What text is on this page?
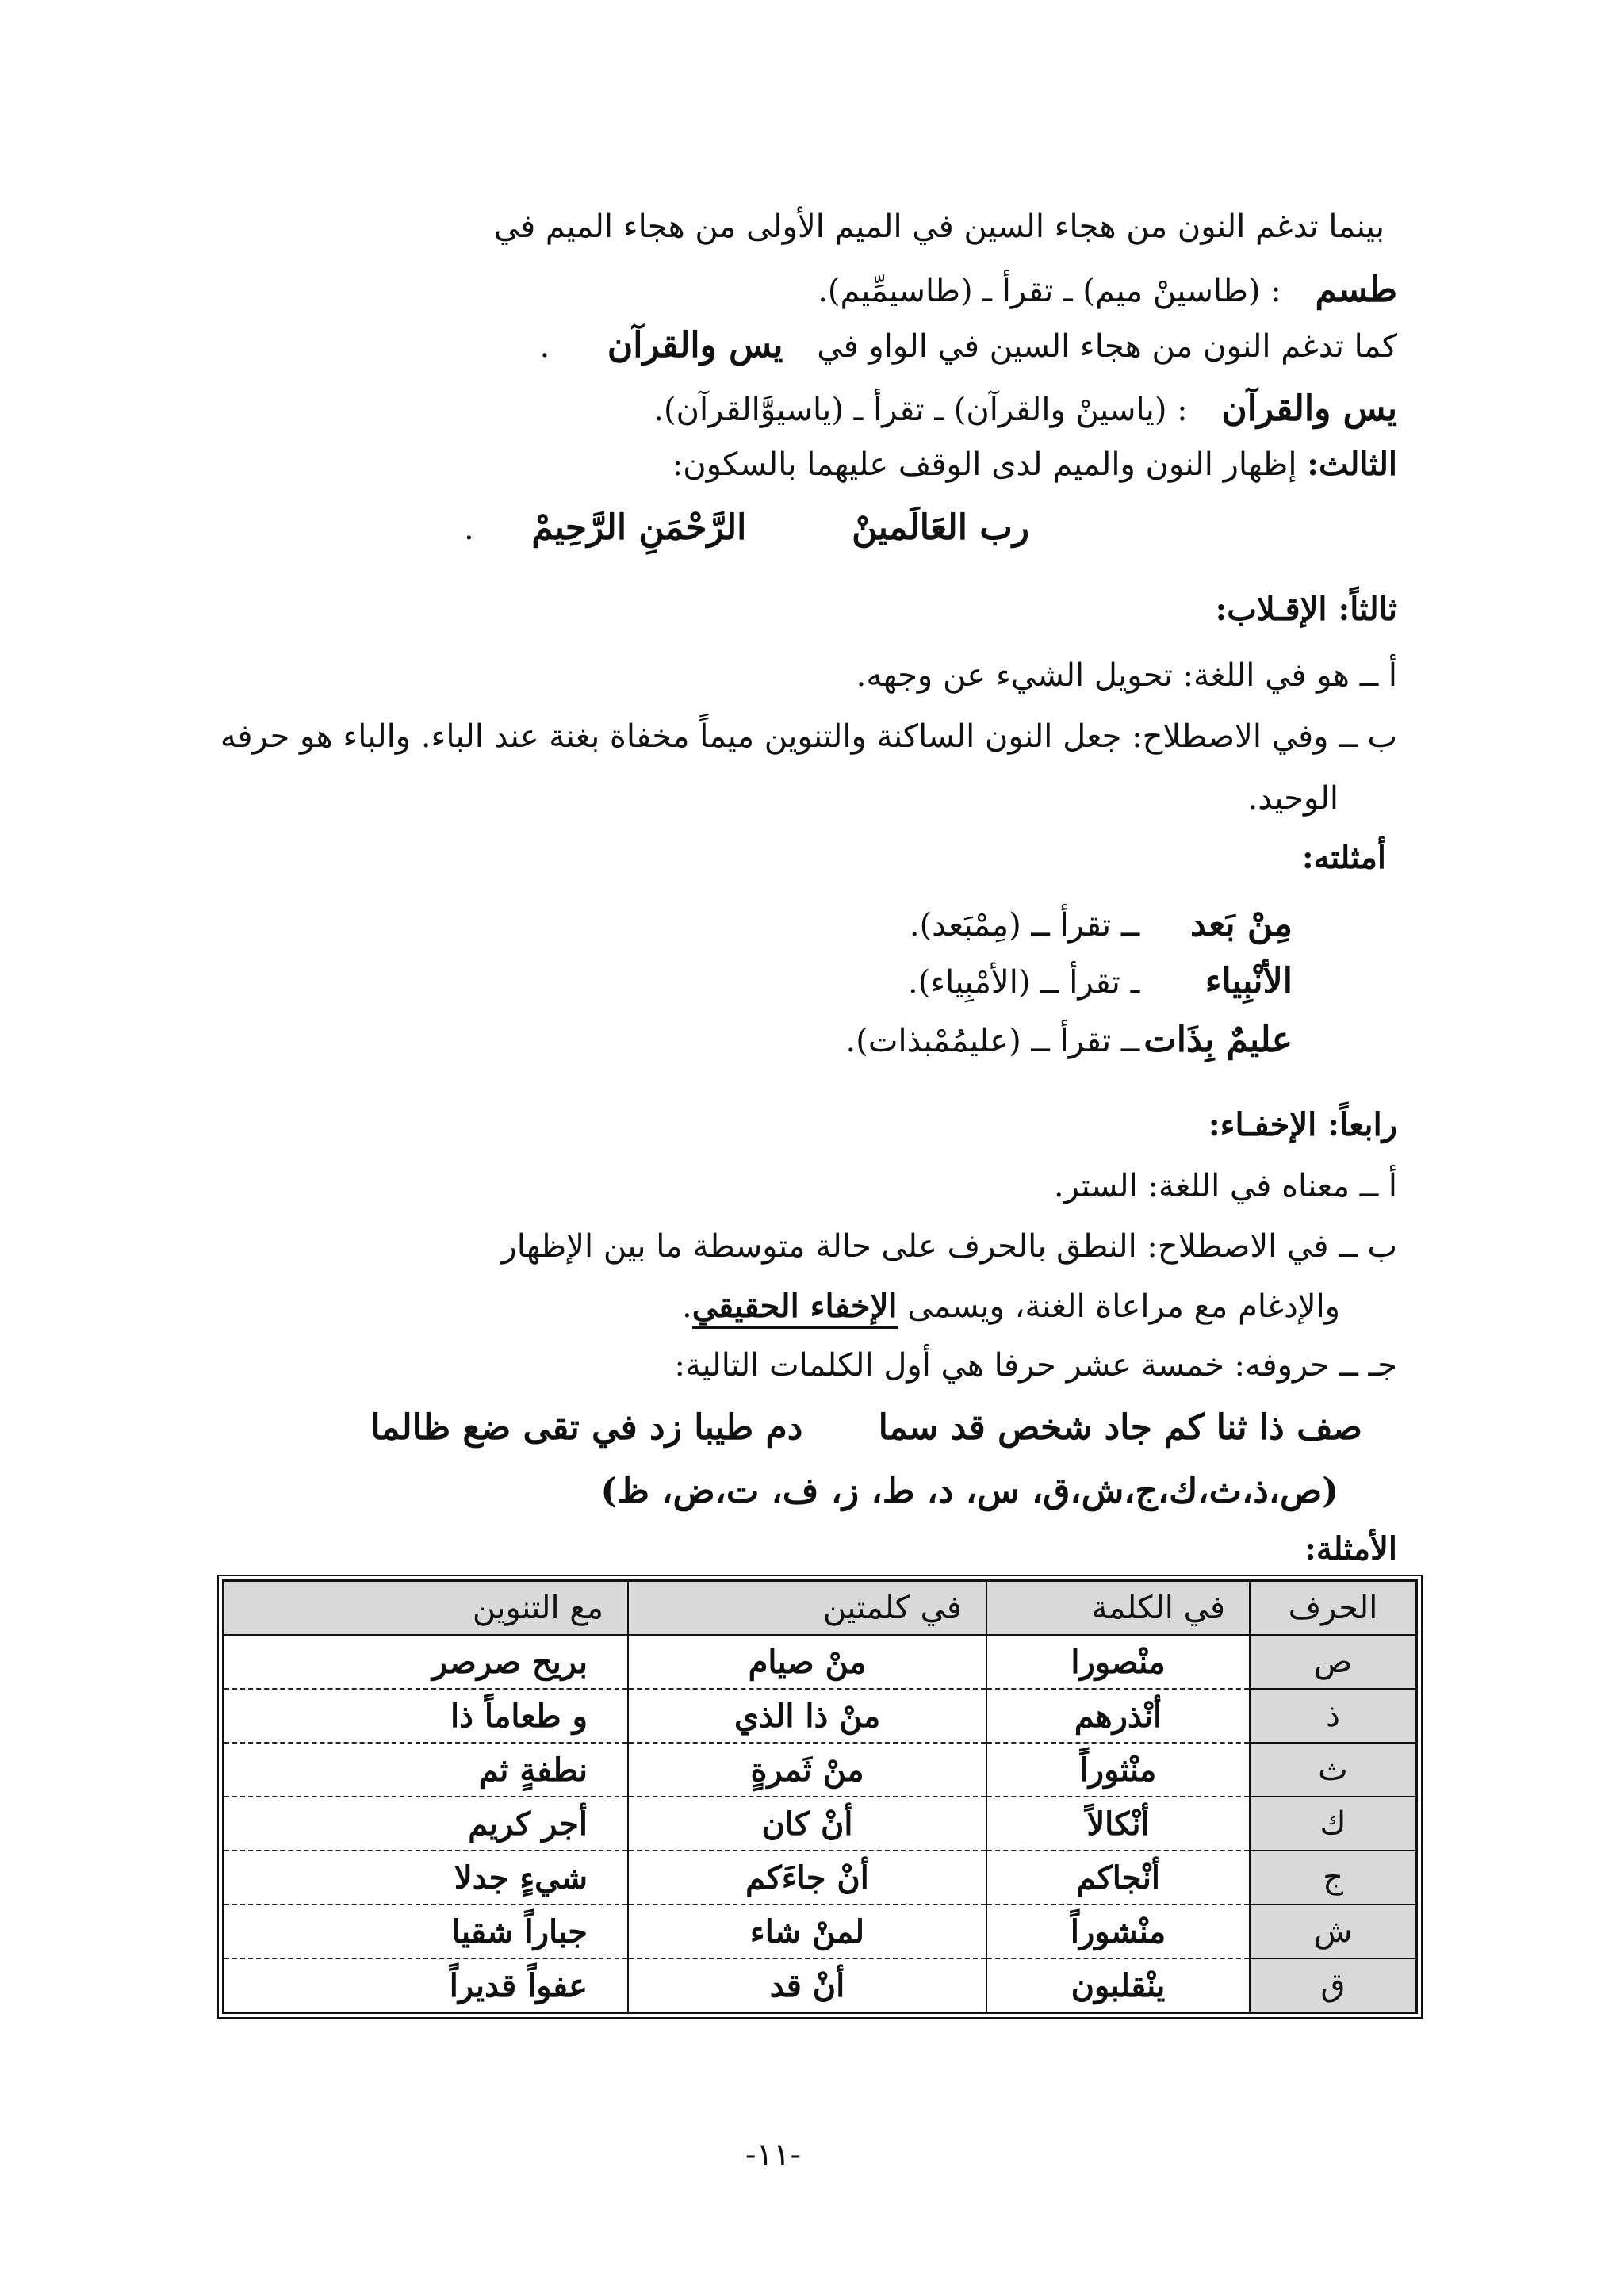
بينما تدغم النون من هجاء السين في الميم الأولى من هجاء الميم في
طسم : (طاسينْ ميم) ـ تقرأ ـ (طاسيمِّيم).
كما تدغم النون من هجاء السين في الواو في يس والقرآن .
يس والقرآن : (ياسينْ والقرآن) ـ تقرأ ـ (ياسيوَّالقرآن).
الثالث: إظهار النون والميم لدى الوقف عليهما بالسكون:
رب العَالَمينْ الرَّحْمَنِ الرَّحِيمْ .
ثالثاً: الإقـلاب:
أ ــ هو في اللغة: تحويل الشيء عن وجهه.
ب ــ وفي الاصطلاح: جعل النون الساكنة والتنوين ميماً مخفاة بغنة عند الباء. والباء هو حرفه
الوحيد.
أمثلته:
مِنْ بَعد ــ تقرأ ــ (مِمْبَعد).
الأنْبِياء ـ تقرأ ــ (الأمْبِياء).
عليمٌ بِذَات ــ تقرأ ــ (عليمُمْبذات).
رابعاً: الإخفـاء:
أ ــ معناه في اللغة: الستر.
ب ــ في الاصطلاح: النطق بالحرف على حالة متوسطة ما بين الإظهار
والإدغام مع مراعاة الغنة، ويسمى الإخفاء الحقيقي.
جـ ــ حروفه: خمسة عشر حرفا هي أول الكلمات التالية:
صف ذا ثنا كم جاد شخص قد سما دم طيبا زد في تقى ضع ظالما
(ص،ذ،ث،ك،ج،ش،ق، س، د، ط، ز، ف، ت،ض، ظ)
الأمثلة:
الحرف	في الكلمة	في كلمتين	مع التنوين
ص	منْصورا	منْ صيام	بريح صرصر
ذ	أنْذرهم	منْ ذا الذي	و طعاماً ذا
ث	منْثوراً	منْ ثَمرةٍ	نطفةٍ ثم
ك	أنْكالاً	أنْ كان	أجر كريم
ج	أنْجاكم	أنْ جاءَكم	شيءٍ جدلا
ش	منْشوراً	لمنْ شاء	جباراً شقيا
ق	ينْقلبون	أنْ قد	عفواً قديراً
-١١-
